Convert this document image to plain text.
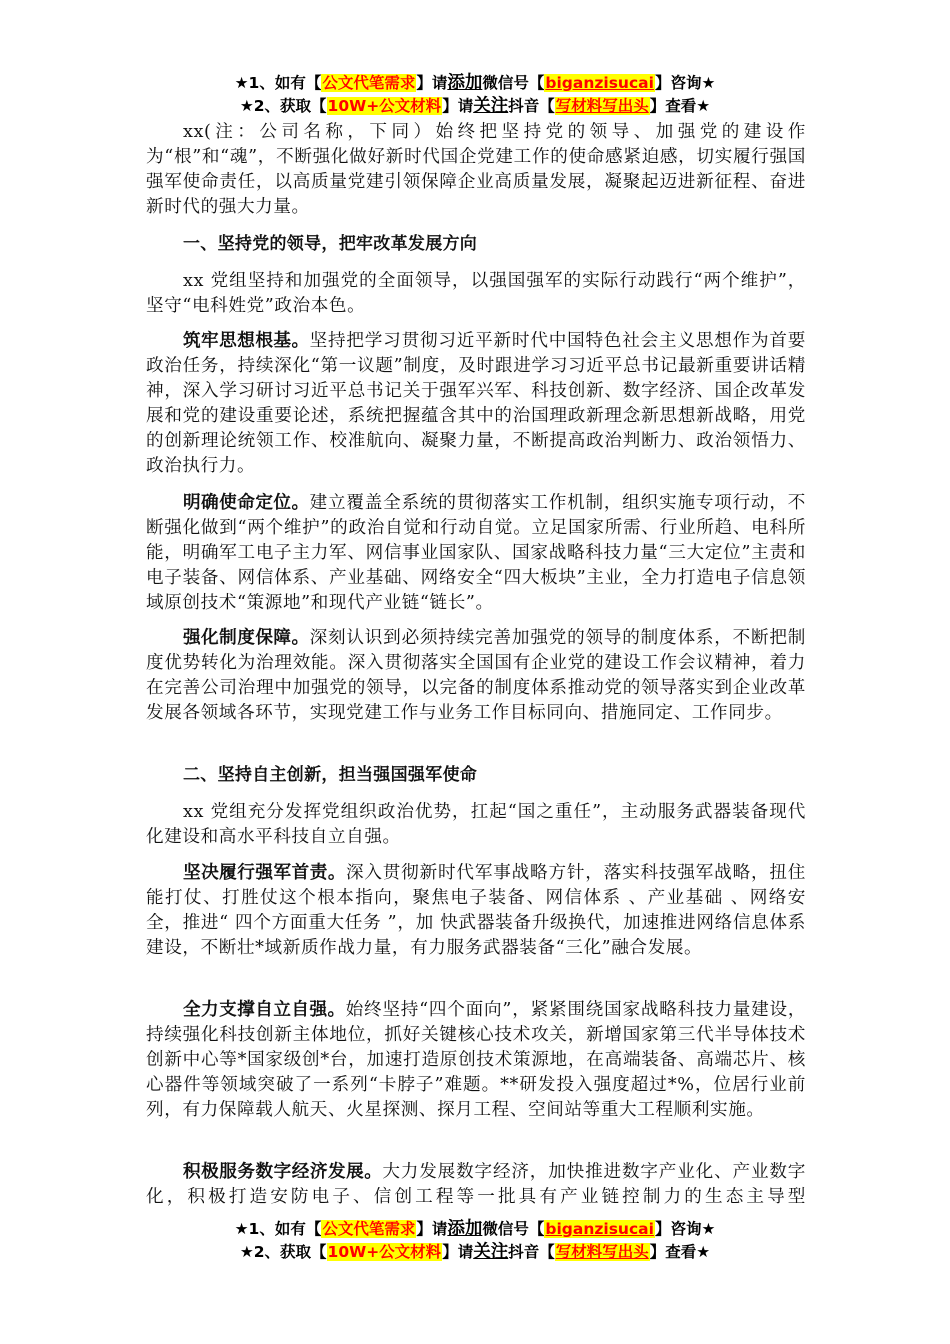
★1、如有【公文代笔需求】请添加微信号【biganzisucai】咨询★
★2、获取【10W+公文材料】请关注抖音【写材料写出头】查看★

xx(注：公司名称，下同）始终把坚持党的领导、加强党的建设作为“根”和“魂”，不断强化做好新时代国企党建工作的使命感紧迫感，切实履行强国强军使命责任，以高质量党建引领保障企业高质量发展，凝聚起迈进新征程、奋进新时代的强大力量。

一、坚持党的领导，把牢改革发展方向

xx 党组坚持和加强党的全面领导，以强国强军的实际行动践行“两个维护”，坚守“电科姓党”政治本色。

筑牢思想根基。坚持把学习贯彻习近平新时代中国特色社会主义思想作为首要政治任务，持续深化“第一议题”制度，及时跟进学习习近平总书记最新重要讲话精神，深入学习研讨习近平总书记关于强军兴军、科技创新、数字经济、国企改革发展和党的建设重要论述，系统把握蕴含其中的治国理政新理念新思想新战略，用党的创新理论统领工作、校准航向、凝聚力量，不断提高政治判断力、政治领悟力、政治执行力。

明确使命定位。建立覆盖全系统的贯彻落实工作机制，组织实施专项行动，不断强化做到“两个维护”的政治自觉和行动自觉。立足国家所需、行业所趋、电科所能，明确军工电子主力军、网信事业国家队、国家战略科技力量“三大定位”主责和电子装备、网信体系、产业基础、网络安全“四大板块”主业，全力打造电子信息领域原创技术“策源地”和现代产业链“链长”。

强化制度保障。深刻认识到必须持续完善加强党的领导的制度体系，不断把制度优势转化为治理效能。深入贯彻落实全国国有企业党的建设工作会议精神，着力在完善公司治理中加强党的领导，以完备的制度体系推动党的领导落实到企业改革发展各领域各环节，实现党建工作与业务工作目标同向、措施同定、工作同步。

二、坚持自主创新，担当强国强军使命

xx 党组充分发挥党组织政治优势，扛起“国之重任”，主动服务武器装备现代化建设和高水平科技自立自强。

坚决履行强军首责。深入贯彻新时代军事战略方针，落实科技强军战略，扭住能打仗、打胜仗这个根本指向，聚焦电子装备、网信体系 、产业基础 、网络安全，推进“ 四个方面重大任务 ”，加 快武器装备升级换代，加速推进网络信息体系建设，不断壮*域新质作战力量，有力服务武器装备“三化”融合发展。

全力支撑自立自强。始终坚持“四个面向”，紧紧围绕国家战略科技力量建设，持续强化科技创新主体地位，抓好关键核心技术攻关，新增国家第三代半导体技术创新中心等*国家级创*台，加速打造原创技术策源地，在高端装备、高端芯片、核心器件等领域突破了一系列“卡脖子”难题。**研发投入强度超过*%，位居行业前列，有力保障载人航天、火星探测、探月工程、空间站等重大工程顺利实施。

积极服务数字经济发展。大力发展数字经济，加快推进数字产业化、产业数字化，积极打造安防电子、信创工程等一批具有产业链控制力的生态主导型

★1、如有【公文代笔需求】请添加微信号【biganzisucai】咨询★
★2、获取【10W+公文材料】请关注抖音【写材料写出头】查看★
